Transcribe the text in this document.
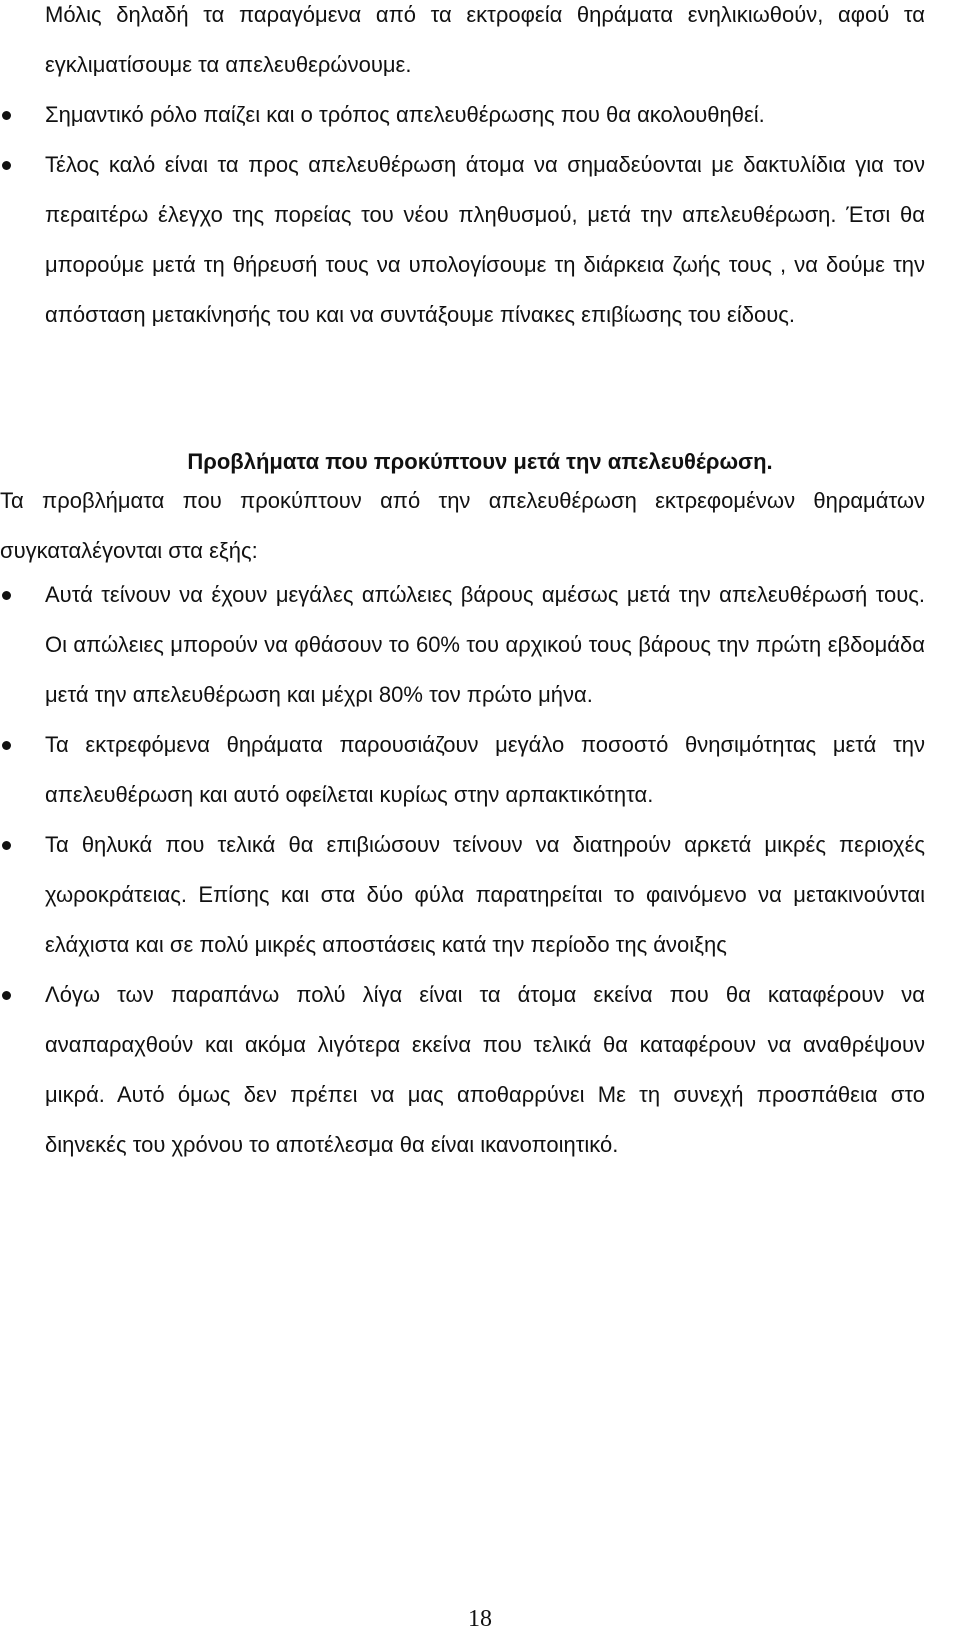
Μόλις δηλαδή τα παραγόμενα από τα εκτροφεία θηράματα ενηλικιωθούν, αφού τα εγκλιματίσουμε τα απελευθερώνουμε.

Σημαντικό ρόλο παίζει και ο τρόπος απελευθέρωσης που θα ακολουθηθεί.

Τέλος καλό είναι τα προς απελευθέρωση άτομα να σημαδεύονται με δακτυλίδια για τον περαιτέρω έλεγχο της πορείας του νέου πληθυσμού, μετά την απελευθέρωση. Έτσι θα μπορούμε μετά τη θήρευσή τους να υπολογίσουμε τη διάρκεια ζωής τους , να δούμε την απόσταση μετακίνησής του και να συντάξουμε πίνακες επιβίωσης του είδους.

Προβλήματα που προκύπτουν μετά την απελευθέρωση.

Τα προβλήματα που προκύπτουν από την απελευθέρωση εκτρεφομένων θηραμάτων συγκαταλέγονται στα εξής:

Αυτά τείνουν να έχουν μεγάλες απώλειες βάρους αμέσως μετά την απελευθέρωσή τους. Οι απώλειες μπορούν να φθάσουν το 60% του αρχικού τους βάρους την πρώτη εβδομάδα μετά την απελευθέρωση και μέχρι 80% τον πρώτο μήνα.

Τα εκτρεφόμενα θηράματα παρουσιάζουν μεγάλο ποσοστό θνησιμότητας μετά την απελευθέρωση και αυτό οφείλεται κυρίως στην αρπακτικότητα.

Τα θηλυκά που τελικά θα επιβιώσουν τείνουν να διατηρούν αρκετά μικρές περιοχές χωροκράτειας. Επίσης και στα δύο φύλα παρατηρείται το φαινόμενο να μετακινούνται ελάχιστα και σε πολύ μικρές αποστάσεις κατά την περίοδο της άνοιξης

Λόγω των παραπάνω πολύ λίγα είναι τα άτομα εκείνα που θα καταφέρουν να αναπαραχθούν και ακόμα λιγότερα εκείνα που τελικά θα καταφέρουν να αναθρέψουν μικρά. Αυτό όμως δεν πρέπει να μας αποθαρρύνει Με τη συνεχή προσπάθεια στο διηνεκές του χρόνου το αποτέλεσμα θα είναι ικανοποιητικό.

18
